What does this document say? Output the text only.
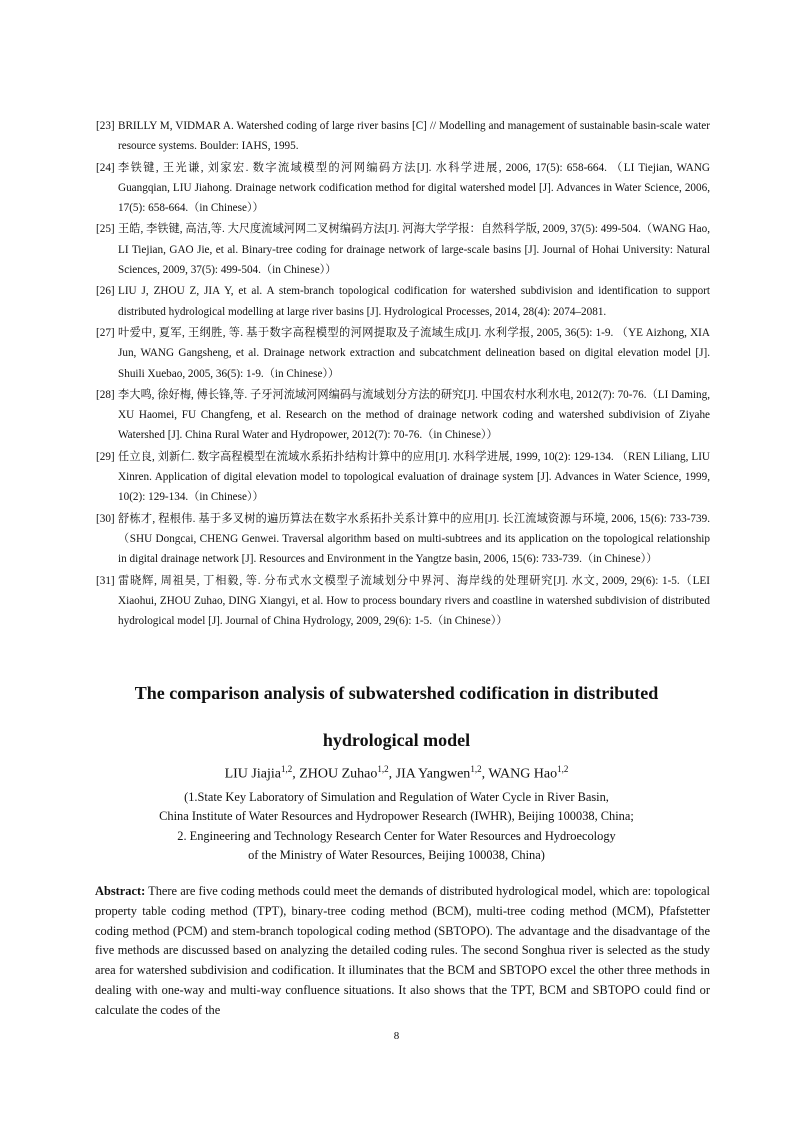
[23] BRILLY M, VIDMAR A. Watershed coding of large river basins [C] // Modelling and management of sustainable basin-scale water resource systems. Boulder: IAHS, 1995.
[24] 李铁键, 王光谦, 刘家宏. 数字流域模型的河网编码方法[J]. 水科学进展, 2006, 17(5): 658-664. （LI Tiejian, WANG Guangqian, LIU Jiahong. Drainage network codification method for digital watershed model [J]. Advances in Water Science, 2006, 17(5): 658-664.（in Chinese））
[25] 王皓, 李铁键, 高洁,等. 大尺度流域河网二叉树编码方法[J]. 河海大学学报：自然科学版, 2009, 37(5): 499-504.（WANG Hao, LI Tiejian, GAO Jie, et al. Binary-tree coding for drainage network of large-scale basins [J]. Journal of Hohai University: Natural Sciences, 2009, 37(5): 499-504.（in Chinese））
[26] LIU J, ZHOU Z, JIA Y, et al. A stem-branch topological codification for watershed subdivision and identification to support distributed hydrological modelling at large river basins [J]. Hydrological Processes, 2014, 28(4): 2074–2081.
[27] 叶爱中, 夏军, 王纲胜, 等. 基于数字高程模型的河网提取及子流域生成[J]. 水利学报, 2005, 36(5): 1-9. （YE Aizhong, XIA Jun, WANG Gangsheng, et al. Drainage network extraction and subcatchment delineation based on digital elevation model [J]. Shuili Xuebao, 2005, 36(5): 1-9.（in Chinese））
[28] 李大鸣, 徐好梅, 傅长锋,等. 子牙河流域河网编码与流域划分方法的研究[J]. 中国农村水利水电, 2012(7): 70-76.（LI Daming, XU Haomei, FU Changfeng, et al. Research on the method of drainage network coding and watershed subdivision of Ziyahe Watershed [J]. China Rural Water and Hydropower, 2012(7): 70-76.（in Chinese））
[29] 任立良, 刘新仁. 数字高程模型在流域水系拓扑结构计算中的应用[J]. 水科学进展, 1999, 10(2): 129-134. （REN Liliang, LIU Xinren. Application of digital elevation model to topological evaluation of drainage system [J]. Advances in Water Science, 1999, 10(2): 129-134.（in Chinese））
[30] 舒栋才, 程根伟. 基于多叉树的遍历算法在数字水系拓扑关系计算中的应用[J]. 长江流域资源与环境, 2006, 15(6): 733-739. （SHU Dongcai, CHENG Genwei. Traversal algorithm based on multi-subtrees and its application on the topological relationship in digital drainage network [J]. Resources and Environment in the Yangtze basin, 2006, 15(6): 733-739.（in Chinese））
[31] 雷晓辉, 周祖昊, 丁相毅, 等. 分布式水文模型子流域划分中界河、海岸线的处理研究[J]. 水文, 2009, 29(6): 1-5.（LEI Xiaohui, ZHOU Zuhao, DING Xiangyi, et al. How to process boundary rivers and coastline in watershed subdivision of distributed hydrological model [J]. Journal of China Hydrology, 2009, 29(6): 1-5.（in Chinese））

The comparison analysis of subwatershed codification in distributed

hydrological model

LIU Jiajia$^{1,2}$, ZHOU Zuhao$^{1,2}$, JIA Yangwen$^{1,2}$, WANG Hao$^{1,2}$
(1.State Key Laboratory of Simulation and Regulation of Water Cycle in River Basin,
China Institute of Water Resources and Hydropower Research (IWHR), Beijing 100038, China;
2. Engineering and Technology Research Center for Water Resources and Hydroecology
of the Ministry of Water Resources, Beijing 100038, China)
Abstract: There are five coding methods could meet the demands of distributed hydrological model, which are: topological property table coding method (TPT), binary-tree coding method (BCM), multi-tree coding method (MCM), Pfafstetter coding method (PCM) and stem-branch topological coding method (SBTOPO). The advantage and the disadvantage of the five methods are discussed based on analyzing the detailed coding rules. The second Songhua river is selected as the study area for watershed subdivision and codification. It illuminates that the BCM and SBTOPO excel the other three methods in dealing with one-way and multi-way confluence situations. It also shows that the TPT, BCM and SBTOPO could find or calculate the codes of the
8
